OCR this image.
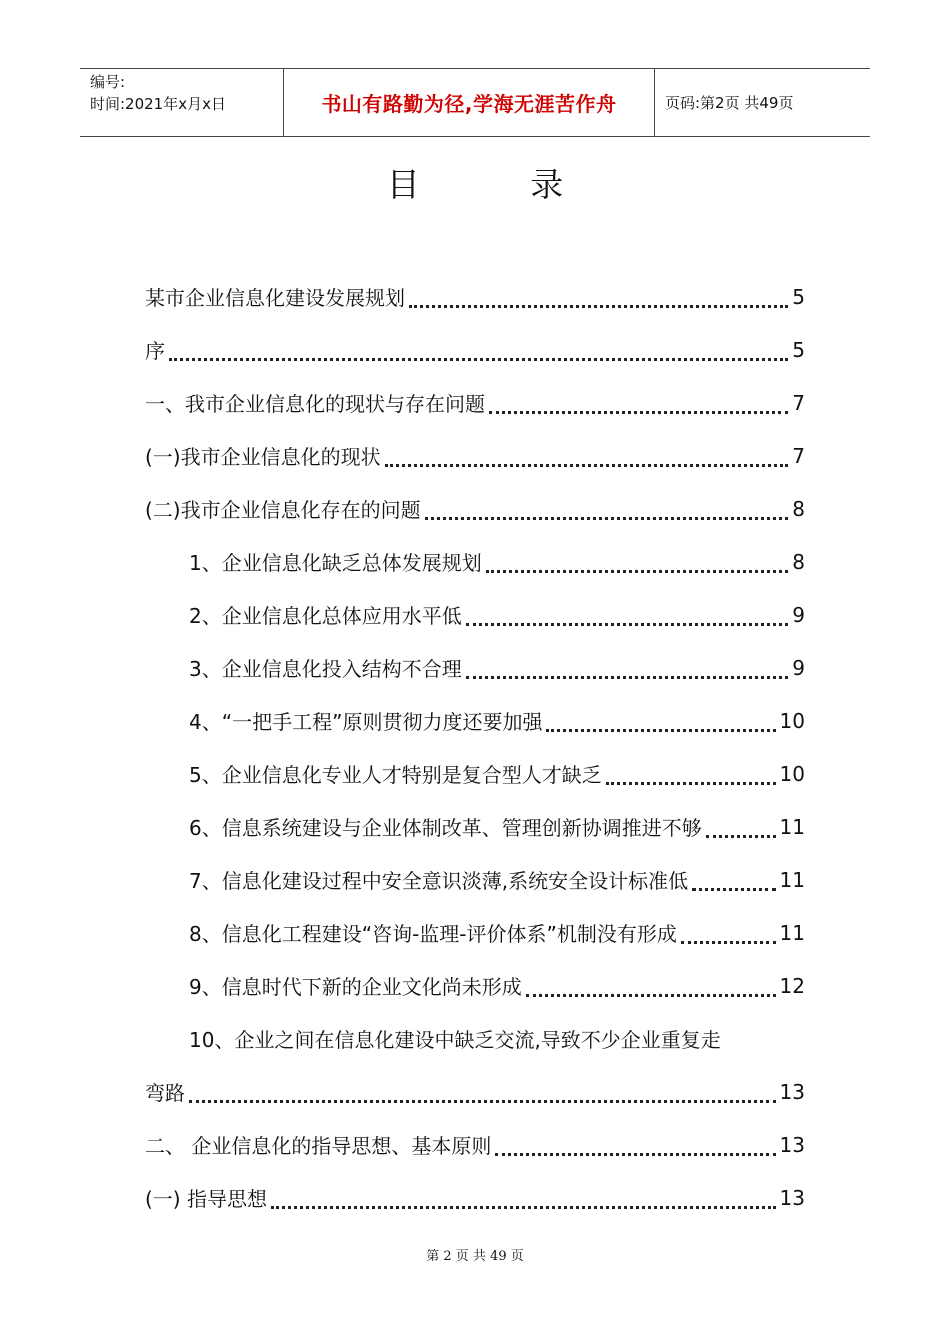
编号:
时间:2021年x月x日	书山有路勤为径,学海无涯苦作舟	页码:第2页 共49页
目 录
某市企业信息化建设发展规划	5
序	5
一、我市企业信息化的现状与存在问题	7
(一)我市企业信息化的现状	7
(二)我市企业信息化存在的问题	8
1、企业信息化缺乏总体发展规划	8
2、企业信息化总体应用水平低	9
3、企业信息化投入结构不合理	9
4、“一把手工程”原则贯彻力度还要加强	10
5、企业信息化专业人才特别是复合型人才缺乏	10
6、信息系统建设与企业体制改革、管理创新协调推进不够	11
7、信息化建设过程中安全意识淡薄,系统安全设计标准低	11
8、信息化工程建设“咨询-监理-评价体系”机制没有形成	11
9、信息时代下新的企业文化尚未形成	12
10、企业之间在信息化建设中缺乏交流,导致不少企业重复走
弯路	13
二、 企业信息化的指导思想、基本原则	13
(一) 指导思想	13
第 2 页 共 49 页
